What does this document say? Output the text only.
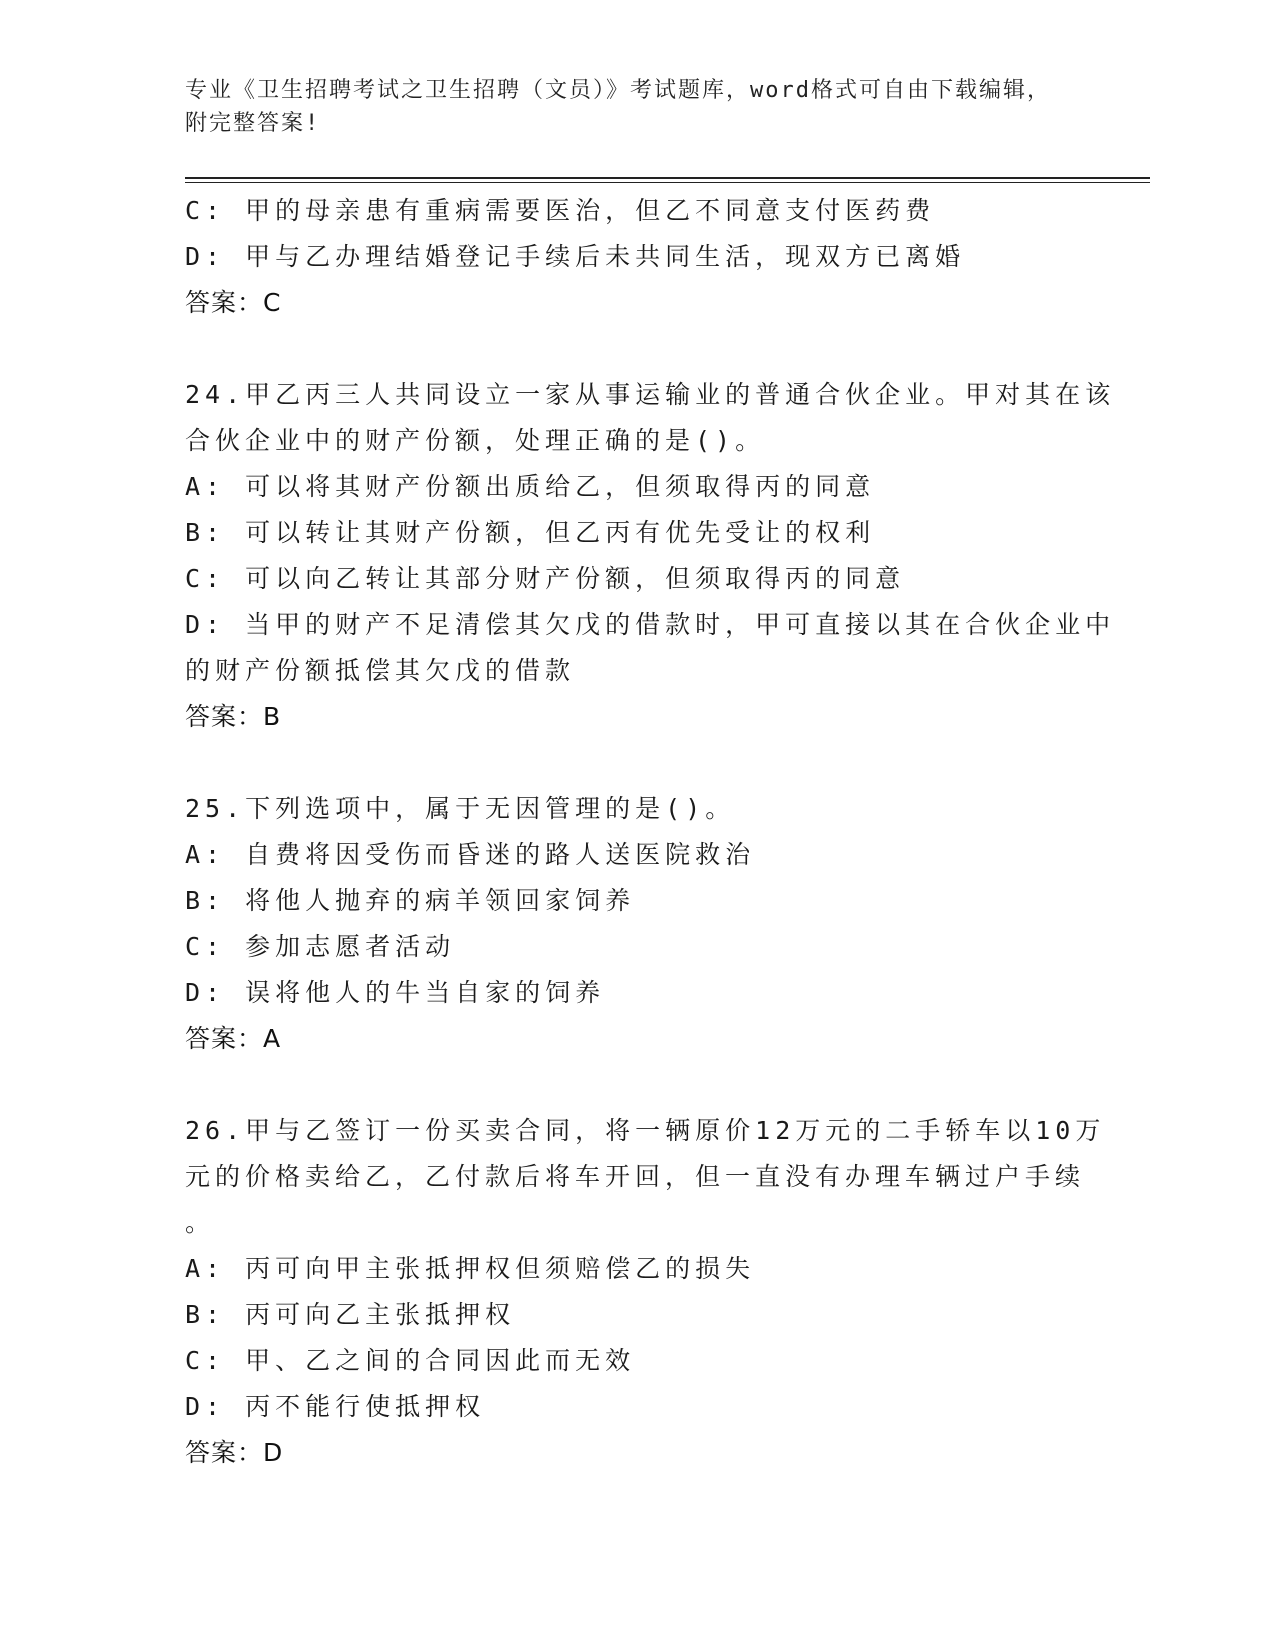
专业《卫生招聘考试之卫生招聘（文员）》考试题库，word格式可自由下载编辑，附完整答案!
C: 甲的母亲患有重病需要医治，但乙不同意支付医药费
D: 甲与乙办理结婚登记手续后未共同生活，现双方已离婚
答案：C
24.甲乙丙三人共同设立一家从事运输业的普通合伙企业。甲对其在该
合伙企业中的财产份额，处理正确的是()。
A: 可以将其财产份额出质给乙，但须取得丙的同意
B: 可以转让其财产份额，但乙丙有优先受让的权利
C: 可以向乙转让其部分财产份额，但须取得丙的同意
D: 当甲的财产不足清偿其欠戊的借款时，甲可直接以其在合伙企业中
的财产份额抵偿其欠戊的借款
答案：B
25.下列选项中，属于无因管理的是()。
A: 自费将因受伤而昏迷的路人送医院救治
B: 将他人抛弃的病羊领回家饲养
C: 参加志愿者活动
D: 误将他人的牛当自家的饲养
答案：A
26.甲与乙签订一份买卖合同，将一辆原价12万元的二手轿车以10万
元的价格卖给乙，乙付款后将车开回，但一直没有办理车辆过户手续
。
A: 丙可向甲主张抵押权但须赔偿乙的损失
B: 丙可向乙主张抵押权
C: 甲、乙之间的合同因此而无效
D: 丙不能行使抵押权
答案：D
